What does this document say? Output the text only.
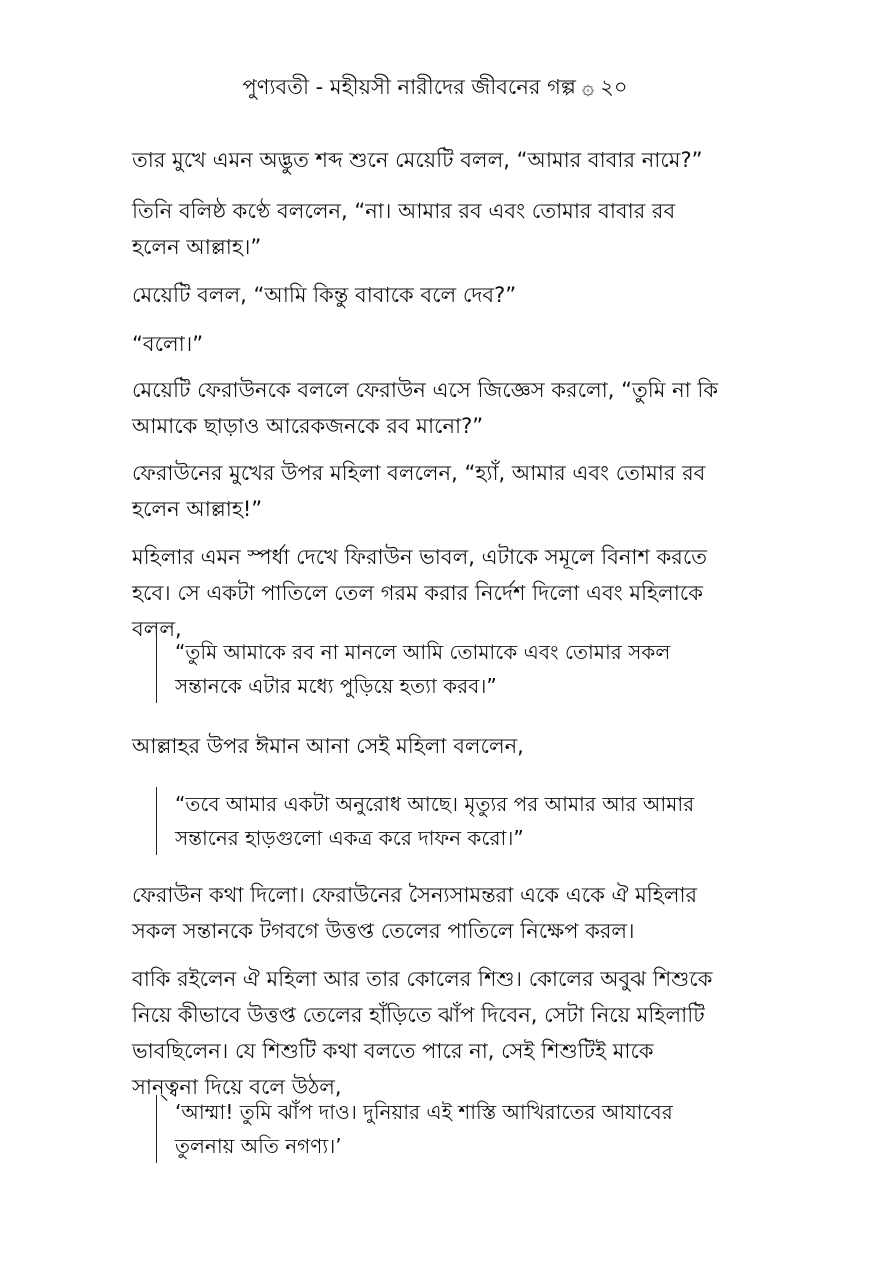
পুণ্যবতী - মহীয়সী নারীদের জীবনের গল্প ۞ ২০

তার মুখে এমন অদ্ভুত শব্দ শুনে মেয়েটি বলল, “আমার বাবার নামে?”

তিনি বলিষ্ঠ কণ্ঠে বললেন, “না। আমার রব এবং তোমার বাবার রব হলেন আল্লাহ।”

মেয়েটি বলল, “আমি কিন্তু বাবাকে বলে দেব?”

“বলো।”

মেয়েটি ফেরাউনকে বললে ফেরাউন এসে জিজ্ঞেস করলো, “তুমি না কি আমাকে ছাড়াও আরেকজনকে রব মানো?”

ফেরাউনের মুখের উপর মহিলা বললেন, “হ্যাঁ, আমার এবং তোমার রব হলেন আল্লাহ!”

মহিলার এমন স্পর্ধা দেখে ফিরাউন ভাবল, এটাকে সমূলে বিনাশ করতে হবে। সে একটা পাতিলে তেল গরম করার নির্দেশ দিলো এবং মহিলাকে বলল,

“তুমি আমাকে রব না মানলে আমি তোমাকে এবং তোমার সকল সন্তানকে এটার মধ্যে পুড়িয়ে হত্যা করব।”

আল্লাহর উপর ঈমান আনা সেই মহিলা বললেন,

“তবে আমার একটা অনুরোধ আছে। মৃত্যুর পর আমার আর আমার সন্তানের হাড়গুলো একত্র করে দাফন করো।”

ফেরাউন কথা দিলো। ফেরাউনের সৈন্যসামন্তরা একে একে ঐ মহিলার সকল সন্তানকে টগবগে উত্তপ্ত তেলের পাতিলে নিক্ষেপ করল।

বাকি রইলেন ঐ মহিলা আর তার কোলের শিশু। কোলের অবুঝ শিশুকে নিয়ে কীভাবে উত্তপ্ত তেলের হাঁড়িতে ঝাঁপ দিবেন, সেটা নিয়ে মহিলাটি ভাবছিলেন। যে শিশুটি কথা বলতে পারে না, সেই শিশুটিই মাকে সান্ত্বনা দিয়ে বলে উঠল,

‘আম্মা! তুমি ঝাঁপ দাও। দুনিয়ার এই শাস্তি আখিরাতের আযাবের তুলনায় অতি নগণ্য।’
